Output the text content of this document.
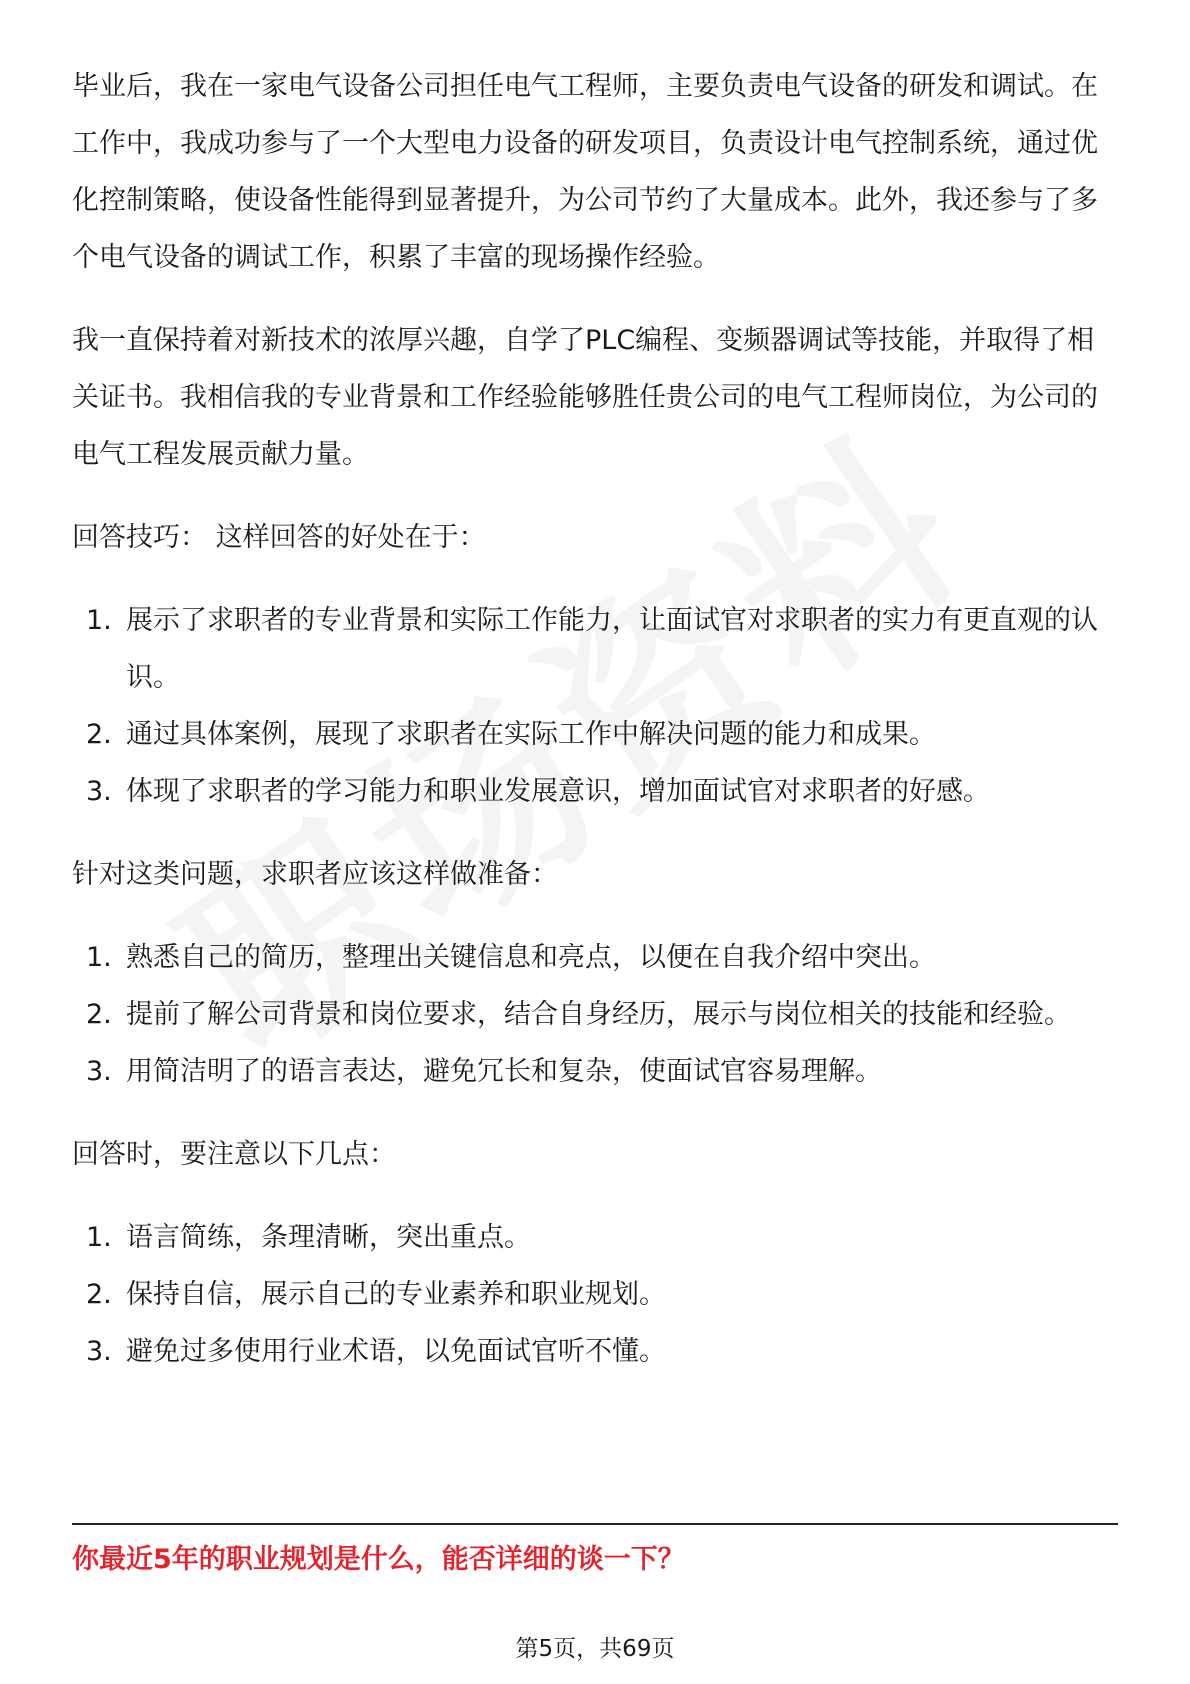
毕业后，我在一家电气设备公司担任电气工程师，主要负责电气设备的研发和调试。在工作中，我成功参与了一个大型电力设备的研发项目，负责设计电气控制系统，通过优化控制策略，使设备性能得到显著提升，为公司节约了大量成本。此外，我还参与了多个电气设备的调试工作，积累了丰富的现场操作经验。

我一直保持着对新技术的浓厚兴趣，自学了PLC编程、变频器调试等技能，并取得了相关证书。我相信我的专业背景和工作经验能够胜任贵公司的电气工程师岗位，为公司的电气工程发展贡献力量。

回答技巧： 这样回答的好处在于：

1. 展示了求职者的专业背景和实际工作能力，让面试官对求职者的实力有更直观的认识。
2. 通过具体案例，展现了求职者在实际工作中解决问题的能力和成果。
3. 体现了求职者的学习能力和职业发展意识，增加面试官对求职者的好感。

针对这类问题，求职者应该这样做准备：

1. 熟悉自己的简历，整理出关键信息和亮点，以便在自我介绍中突出。
2. 提前了解公司背景和岗位要求，结合自身经历，展示与岗位相关的技能和经验。
3. 用简洁明了的语言表达，避免冗长和复杂，使面试官容易理解。

回答时，要注意以下几点：

1. 语言简练，条理清晰，突出重点。
2. 保持自信，展示自己的专业素养和职业规划。
3. 避免过多使用行业术语，以免面试官听不懂。
你最近5年的职业规划是什么，能否详细的谈一下？
第5页，共69页
